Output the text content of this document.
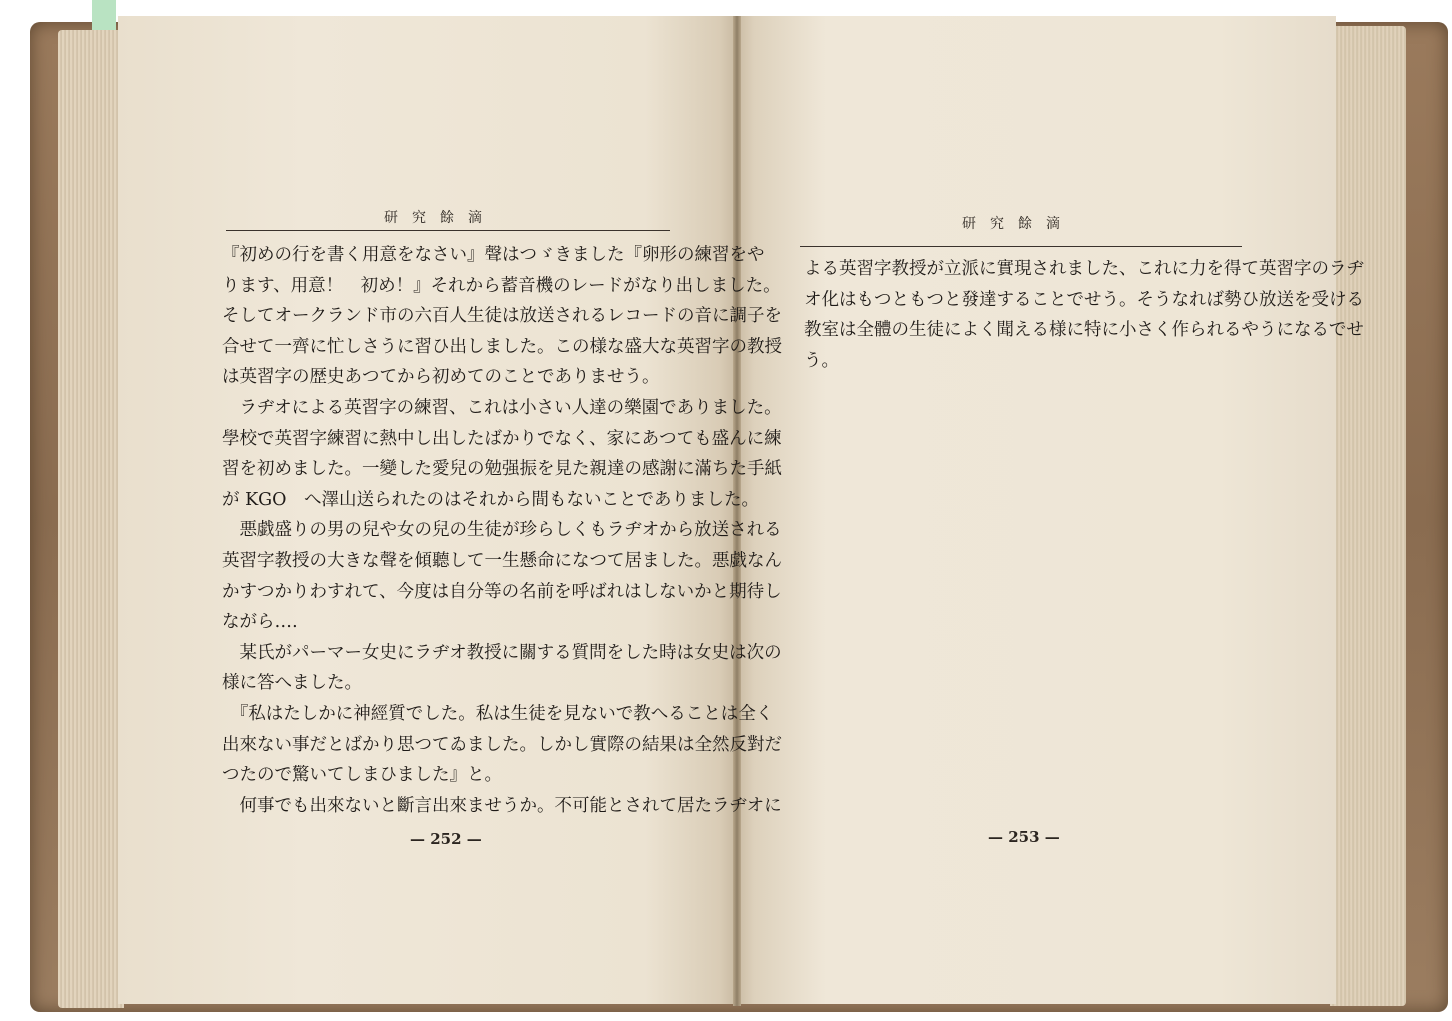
研究餘滴
『初めの行を書く用意をなさい』聲はつゞきました『卵形の練習をや
ります、用意！　初め！』それから蓄音機のレードがなり出しました。
そしてオークランド市の六百人生徒は放送されるレコードの音に調子を
合せて一齊に忙しさうに習ひ出しました。この様な盛大な英習字の教授
は英習字の歴史あつてから初めてのことでありませう。
　ラヂオによる英習字の練習、これは小さい人達の樂園でありました。
學校で英習字練習に熱中し出したばかりでなく、家にあつても盛んに練
習を初めました。一變した愛兒の勉强振を見た親達の感謝に滿ちた手紙
が KGO　へ澤山送られたのはそれから間もないことでありました。
　悪戯盛りの男の兒や女の兒の生徒が珍らしくもラヂオから放送される
英習字教授の大きな聲を傾聽して一生懸命になつて居ました。悪戯なん
かすつかりわすれて、今度は自分等の名前を呼ばれはしないかと期待し
ながら‥‥
　某氏がパーマー女史にラヂオ教授に關する質問をした時は女史は次の
様に答へました。
　『私はたしかに神經質でした。私は生徒を見ないで教へることは全く
出來ない事だとばかり思つてゐました。しかし實際の結果は全然反對だ
つたので驚いてしまひました』と。
　何事でも出來ないと斷言出來ませうか。不可能とされて居たラヂオに
— 252 —
研究餘滴
よる英習字教授が立派に實現されました、これに力を得て英習字のラヂ
オ化はもつともつと發達することでせう。そうなれば勢ひ放送を受ける
教室は全體の生徒によく聞える様に特に小さく作られるやうになるでせ
う。
— 253 —
